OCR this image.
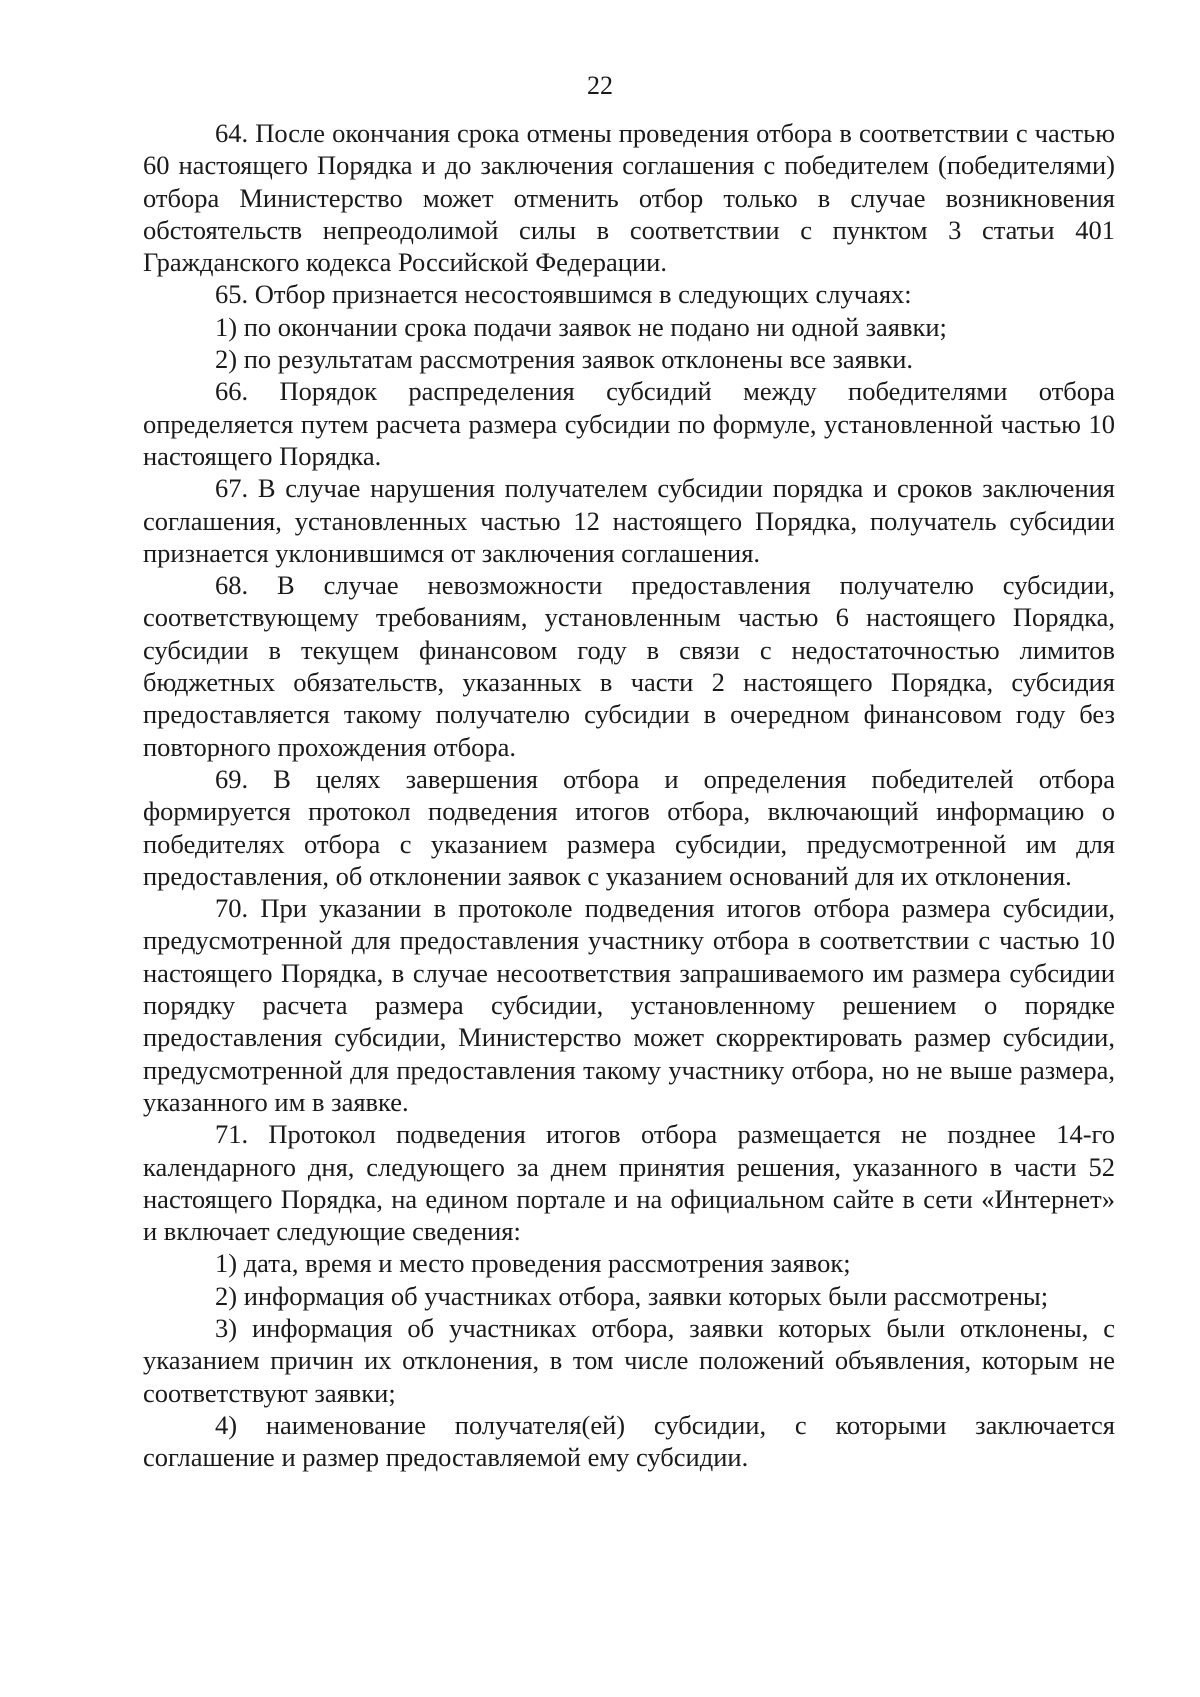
22

64. После окончания срока отмены проведения отбора в соответствии с частью 60 настоящего Порядка и до заключения соглашения с победителем (победителями) отбора Министерство может отменить отбор только в случае возникновения обстоятельств непреодолимой силы в соответствии с пунктом 3 статьи 401 Гражданского кодекса Российской Федерации.

65. Отбор признается несостоявшимся в следующих случаях:

1) по окончании срока подачи заявок не подано ни одной заявки;

2) по результатам рассмотрения заявок отклонены все заявки.

66. Порядок распределения субсидий между победителями отбора определяется путем расчета размера субсидии по формуле, установленной частью 10 настоящего Порядка.

67. В случае нарушения получателем субсидии порядка и сроков заключения соглашения, установленных частью 12 настоящего Порядка, получатель субсидии признается уклонившимся от заключения соглашения.

68. В случае невозможности предоставления получателю субсидии, соответствующему требованиям, установленным частью 6 настоящего Порядка, субсидии в текущем финансовом году в связи с недостаточностью лимитов бюджетных обязательств, указанных в части 2 настоящего Порядка, субсидия предоставляется такому получателю субсидии в очередном финансовом году без повторного прохождения отбора.

69. В целях завершения отбора и определения победителей отбора формируется протокол подведения итогов отбора, включающий информацию о победителях отбора с указанием размера субсидии, предусмотренной им для предоставления, об отклонении заявок с указанием оснований для их отклонения.

70. При указании в протоколе подведения итогов отбора размера субсидии, предусмотренной для предоставления участнику отбора в соответствии с частью 10 настоящего Порядка, в случае несоответствия запрашиваемого им размера субсидии порядку расчета размера субсидии, установленному решением о порядке предоставления субсидии, Министерство может скорректировать размер субсидии, предусмотренной для предоставления такому участнику отбора, но не выше размера, указанного им в заявке.

71. Протокол подведения итогов отбора размещается не позднее 14-го календарного дня, следующего за днем принятия решения, указанного в части 52 настоящего Порядка, на едином портале и на официальном сайте в сети «Интернет» и включает следующие сведения:

1) дата, время и место проведения рассмотрения заявок;

2) информация об участниках отбора, заявки которых были рассмотрены;

3) информация об участниках отбора, заявки которых были отклонены, с указанием причин их отклонения, в том числе положений объявления, которым не соответствуют заявки;

4) наименование получателя(ей) субсидии, с которыми заключается соглашение и размер предоставляемой ему субсидии.
